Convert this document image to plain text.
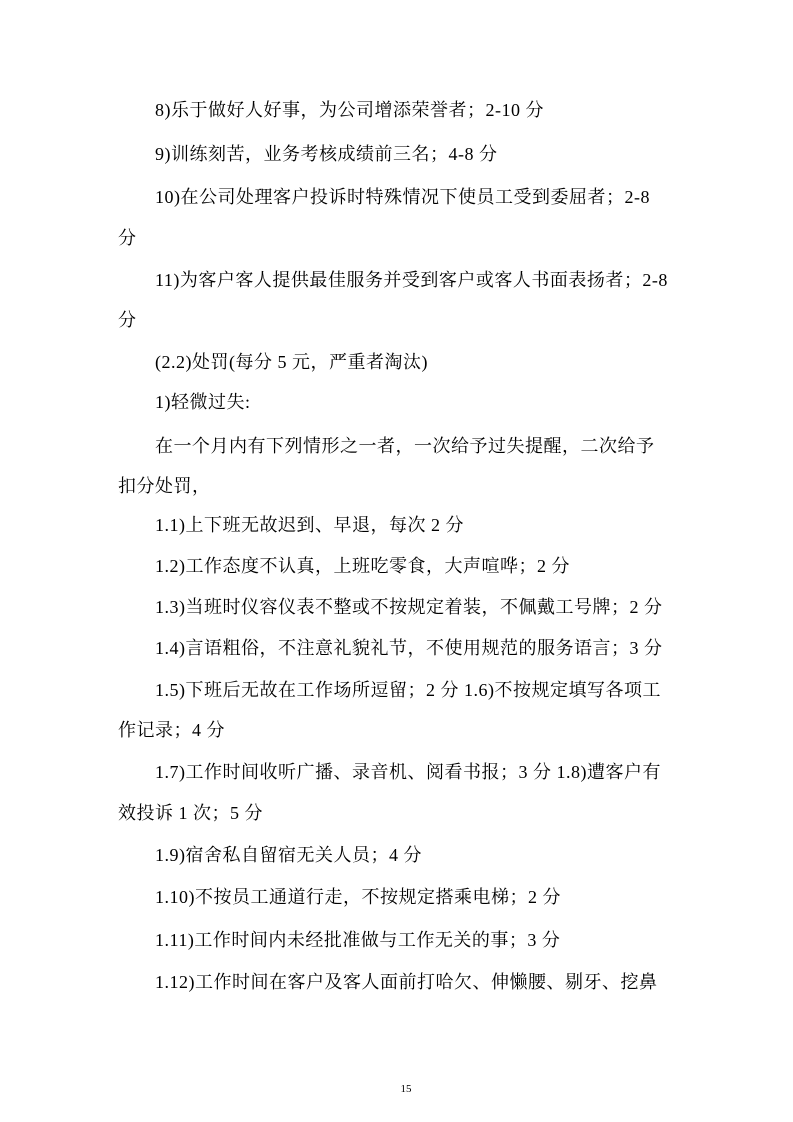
8)乐于做好人好事，为公司增添荣誉者；2-10 分
9)训练刻苦，业务考核成绩前三名；4-8 分
10)在公司处理客户投诉时特殊情况下使员工受到委屈者；2-8
分
11)为客户客人提供最佳服务并受到客户或客人书面表扬者；2-8
分
(2.2)处罚(每分 5 元，严重者淘汰)
1)轻微过失:
在一个月内有下列情形之一者，一次给予过失提醒，二次给予
扣分处罚，
1.1)上下班无故迟到、早退，每次 2 分
1.2)工作态度不认真，上班吃零食，大声喧哗；2 分
1.3)当班时仪容仪表不整或不按规定着装，不佩戴工号牌；2 分
1.4)言语粗俗，不注意礼貌礼节，不使用规范的服务语言；3 分
1.5)下班后无故在工作场所逗留；2 分 1.6)不按规定填写各项工
作记录；4 分
1.7)工作时间收听广播、录音机、阅看书报；3 分 1.8)遭客户有
效投诉 1 次；5 分
1.9)宿舍私自留宿无关人员；4 分
1.10)不按员工通道行走，不按规定搭乘电梯；2 分
1.11)工作时间内未经批准做与工作无关的事；3 分
1.12)工作时间在客户及客人面前打哈欠、伸懒腰、剔牙、挖鼻
15
